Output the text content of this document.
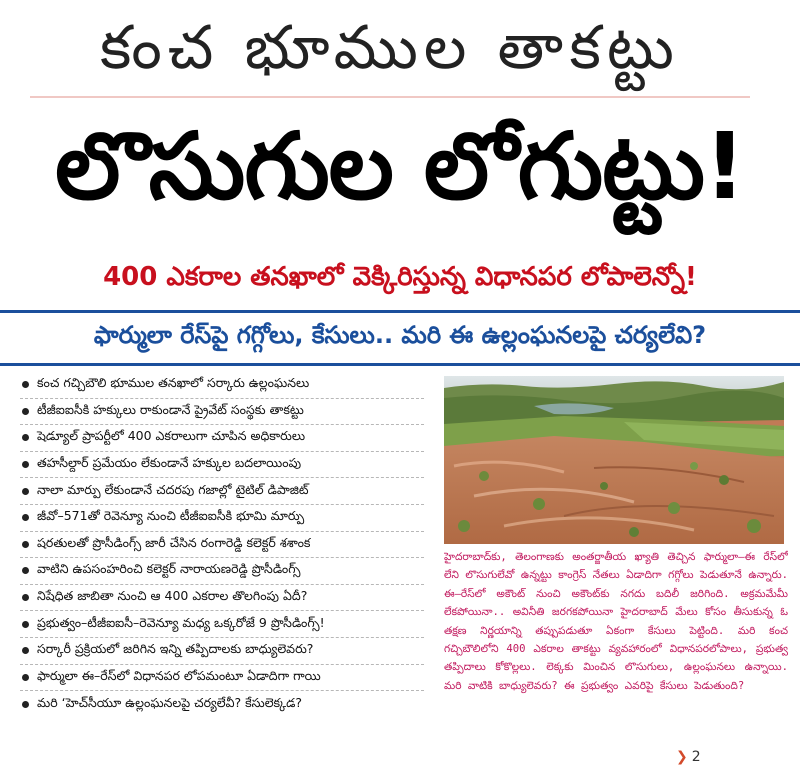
కంచ భూముల తాకట్టు
లొసుగుల లోగుట్టు!
400 ఎకరాల తనఖాలో వెక్కిరిస్తున్న విధానపర లోపాలెన్నో!
ఫార్ములా రేస్‌పై గగ్గోలు, కేసులు.. మరి ఈ ఉల్లంఘనలపై చర్యలేవి?
కంచ గచ్చిబౌలి భూముల తనఖాలో సర్కారు ఉల్లంఘనలు
టీజీఐఐసీకి హక్కులు రాకుండానే ప్రైవేట్ సంస్థకు తాకట్టు
షెడ్యూల్ ప్రాపర్టీలో 400 ఎకరాలుగా చూపిన అధికారులు
తహసీల్దార్ ప్రమేయం లేకుండానే హక్కుల బదలాయింపు
నాలా మార్పు లేకుండానే చదరపు గజాల్లో టైటిల్ డిపాజిట్
జీవో–571తో రెవెన్యూ నుంచి టీజీఐఐసీకి భూమి మార్పు
షరతులతో ప్రొసీడింగ్స్ జారీ చేసిన రంగారెడ్డి కలెక్టర్ శశాంక
వాటిని ఉపసంహరించి కలెక్టర్ నారాయణరెడ్డి ప్రొసీడింగ్స్
నిషేధిత జాబితా నుంచి ఆ 400 ఎకరాల తొలగింపు ఏదీ?
ప్రభుత్వం–టీజీఐఐసీ–రెవెన్యూ మధ్య ఒక్కరోజే 9 ప్రొసీడింగ్స్!
సర్కారీ ప్రక్రియలో జరిగిన ఇన్ని తప్పిదాలకు బాధ్యులెవరు?
ఫార్ములా ఈ–రేస్‌లో విధానపర లోపమంటూ ఏడాదిగా గాయి
మరి ‘హెచ్‌సీయూ ఉల్లంఘనలపై చర్యలేవీ? కేసులెక్కడ?
హైదరాబాద్‌కు, తెలంగాణకు అంతర్జాతీయ ఖ్యాతి తెచ్చిన ఫార్ములా–ఈ రేస్‌లో లేని లొసుగులేవో ఉన్నట్టు కాంగ్రెస్ నేతలు ఏడాదిగా గగ్గోలు పెడుతూనే ఉన్నారు. ఈ–రేస్‌లో అకౌంట్ నుంచి అకౌంట్‌కు నగదు బదిలీ జరిగింది. అక్రమమేమీ లేకపోయినా.. అవినీతి జరగకపోయినా హైదరాబాద్ మేలు కోసం తీసుకున్న ఓ తక్షణ నిర్ణయాన్ని తప్పుపడుతూ ఏకంగా కేసులు పెట్టింది. మరి కంచ గచ్చిబౌలిలోని 400 ఎకరాల తాకట్టు వ్యవహారంలో విధానపరలోపాలు, ప్రభుత్వ తప్పిదాలు కోకొల్లలు. లెక్కకు మించిన లొసుగులు, ఉల్లంఘనలు ఉన్నాయి. మరి వాటికి బాధ్యులెవరు? ఈ ప్రభుత్వం ఎవరిపై కేసులు పెడుతుంది?
❯ 2
